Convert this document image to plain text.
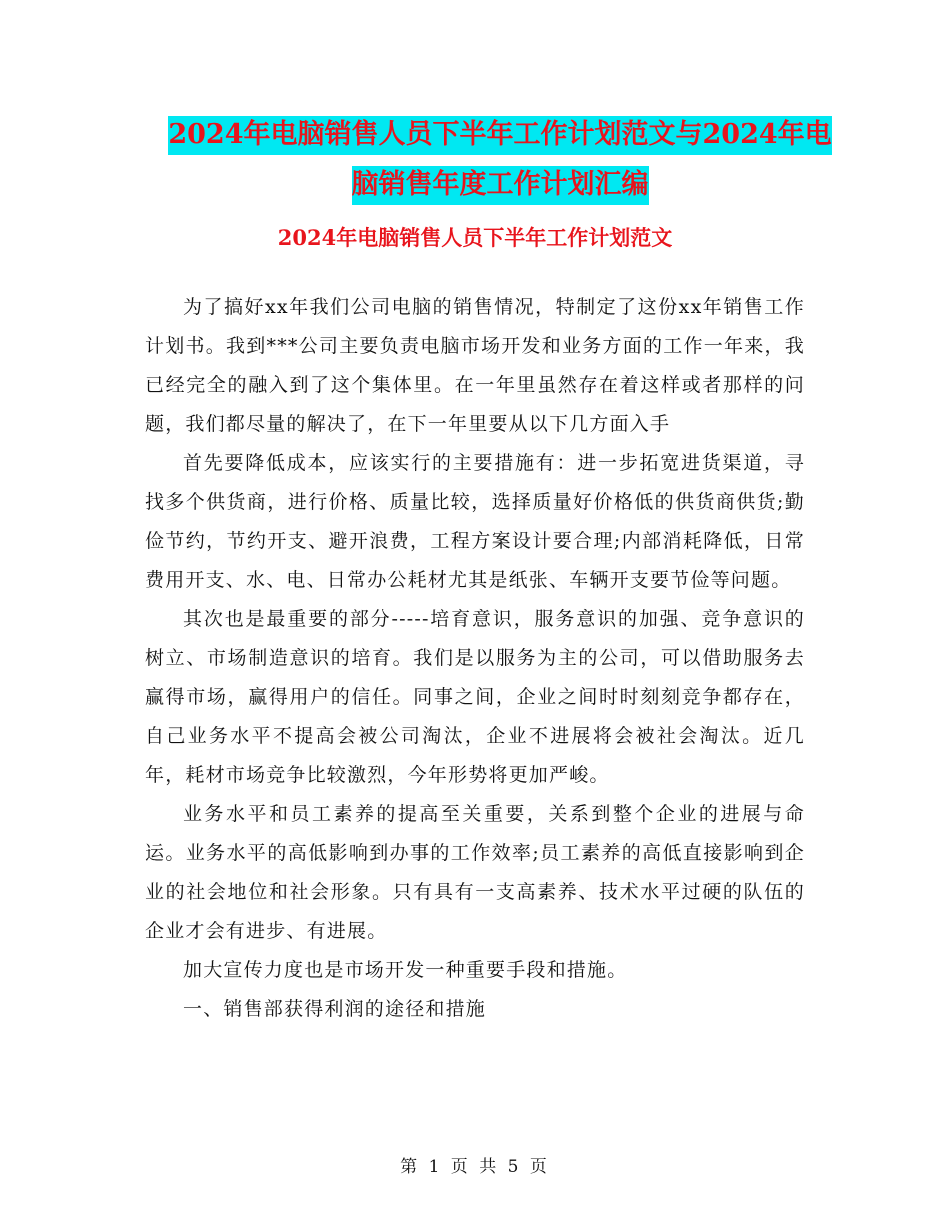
2024年电脑销售人员下半年工作计划范文与2024年电
脑销售年度工作计划汇编
2024年电脑销售人员下半年工作计划范文

为了搞好xx年我们公司电脑的销售情况，特制定了这份xx年销售工作计划书。我到***公司主要负责电脑市场开发和业务方面的工作一年来，我已经完全的融入到了这个集体里。在一年里虽然存在着这样或者那样的问题，我们都尽量的解决了，在下一年里要从以下几方面入手

首先要降低成本，应该实行的主要措施有：进一步拓宽进货渠道，寻找多个供货商，进行价格、质量比较，选择质量好价格低的供货商供货;勤俭节约，节约开支、避开浪费，工程方案设计要合理;内部消耗降低，日常费用开支、水、电、日常办公耗材尤其是纸张、车辆开支要节俭等问题。

其次也是最重要的部分-----培育意识，服务意识的加强、竞争意识的树立、市场制造意识的培育。我们是以服务为主的公司，可以借助服务去赢得市场，赢得用户的信任。同事之间，企业之间时时刻刻竞争都存在，自己业务水平不提高会被公司淘汰，企业不进展将会被社会淘汰。近几年，耗材市场竞争比较激烈，今年形势将更加严峻。

业务水平和员工素养的提高至关重要，关系到整个企业的进展与命运。业务水平的高低影响到办事的工作效率;员工素养的高低直接影响到企业的社会地位和社会形象。只有具有一支高素养、技术水平过硬的队伍的企业才会有进步、有进展。

加大宣传力度也是市场开发一种重要手段和措施。

一、销售部获得利润的途径和措施

第 1 页 共 5 页
